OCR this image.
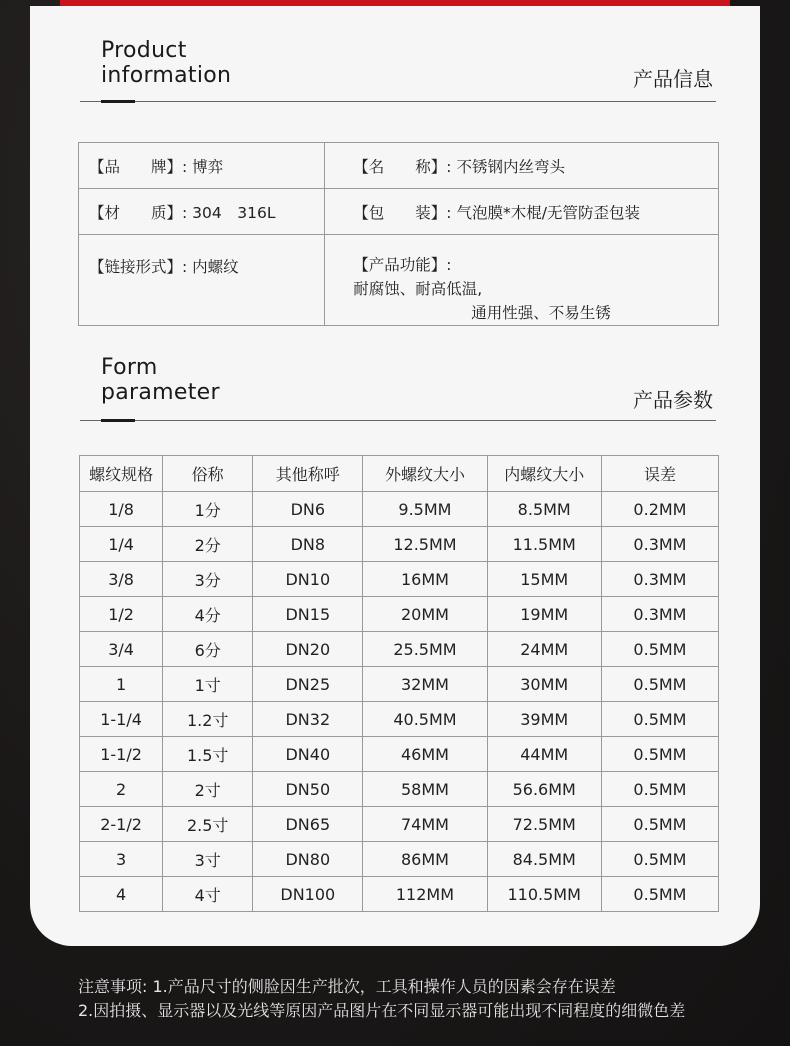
Product
information	产品信息
【品　　牌】: 博弈	【名　　称】: 不锈钢内丝弯头
【材　　质】: 304　316L	【包　　装】: 气泡膜*木棍/无管防歪包装
【链接形式】: 内螺纹	【产品功能】:
耐腐蚀、耐高低温,
通用性强、不易生锈
Form
parameter	产品参数
螺纹规格	俗称	其他称呼	外螺纹大小	内螺纹大小	误差
1/8	1分	DN6	9.5MM	8.5MM	0.2MM
1/4	2分	DN8	12.5MM	11.5MM	0.3MM
3/8	3分	DN10	16MM	15MM	0.3MM
1/2	4分	DN15	20MM	19MM	0.3MM
3/4	6分	DN20	25.5MM	24MM	0.5MM
1	1寸	DN25	32MM	30MM	0.5MM
1-1/4	1.2寸	DN32	40.5MM	39MM	0.5MM
1-1/2	1.5寸	DN40	46MM	44MM	0.5MM
2	2寸	DN50	58MM	56.6MM	0.5MM
2-1/2	2.5寸	DN65	74MM	72.5MM	0.5MM
3	3寸	DN80	86MM	84.5MM	0.5MM
4	4寸	DN100	112MM	110.5MM	0.5MM
注意事项: 1.产品尺寸的侧脸因生产批次，工具和操作人员的因素会存在误差
2.因拍摄、显示器以及光线等原因产品图片在不同显示器可能出现不同程度的细微色差
